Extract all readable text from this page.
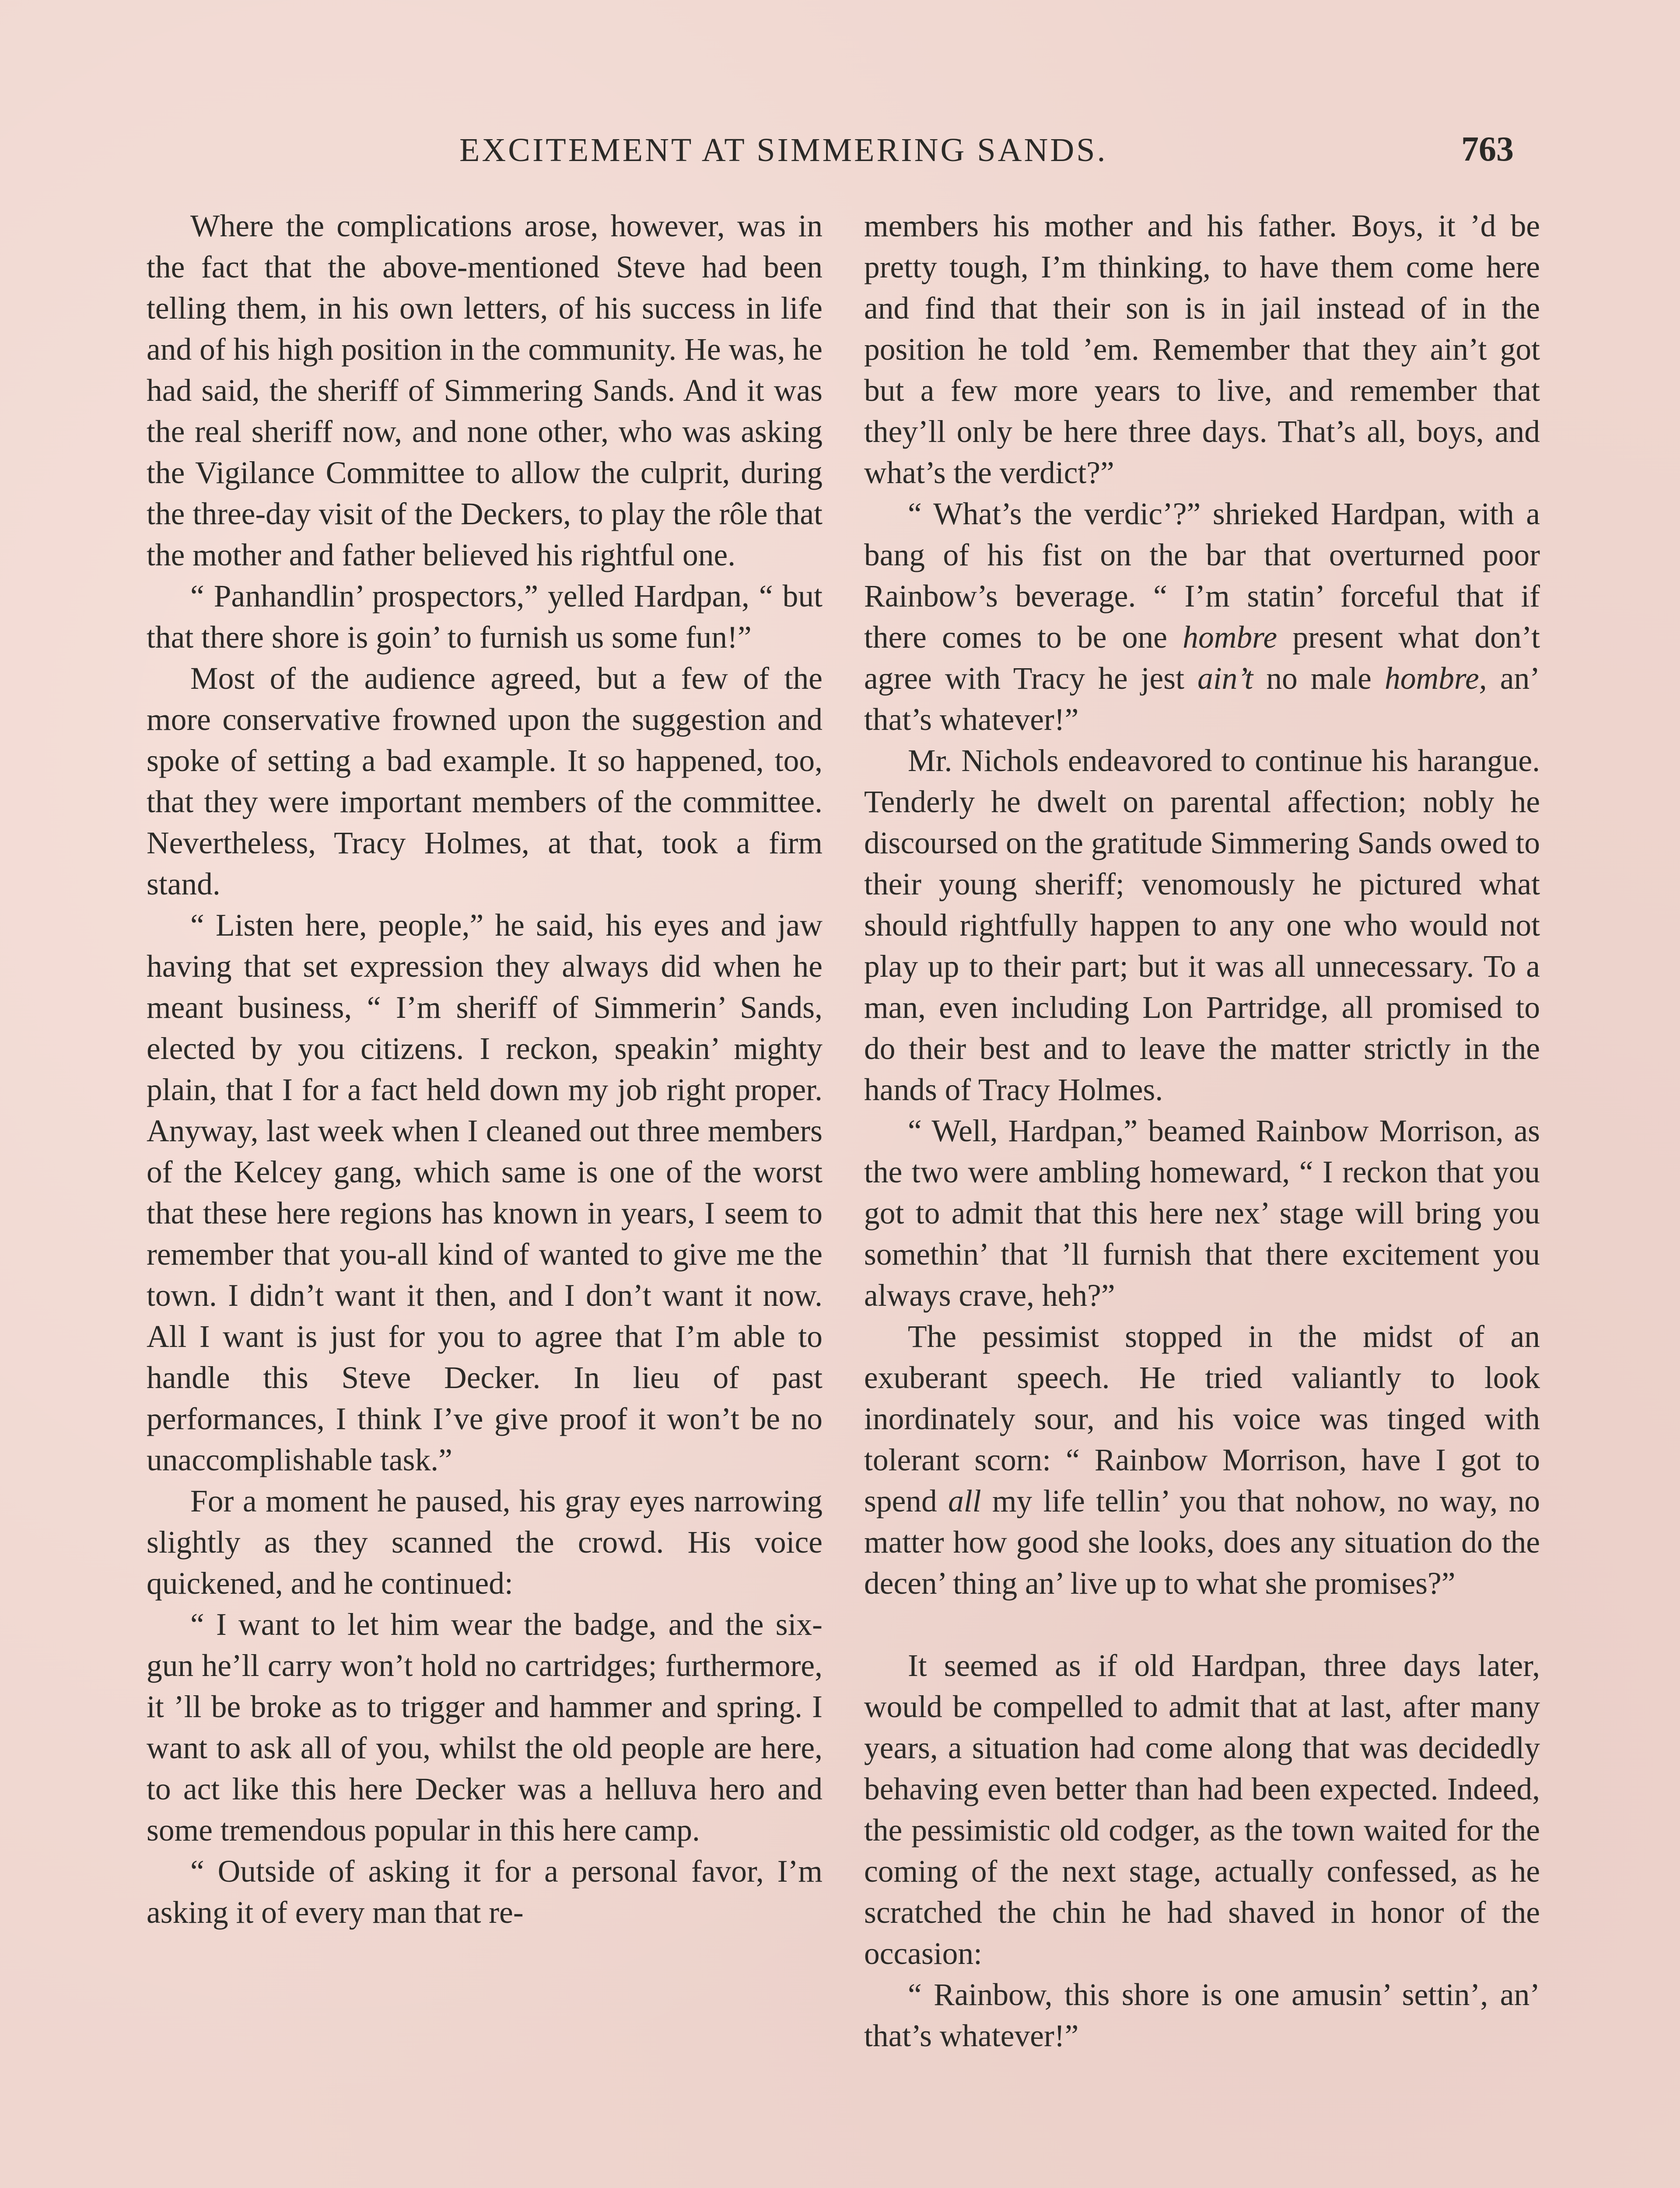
EXCITEMENT AT SIMMERING SANDS.	763

Where the complications arose, however, was in the fact that the above-mentioned Steve had been telling them, in his own letters, of his success in life and of his high position in the community. He was, he had said, the sheriff of Simmering Sands. And it was the real sheriff now, and none other, who was asking the Vigilance Committee to allow the culprit, during the three-day visit of the Deckers, to play the rôle that the mother and father believed his rightful one.

“ Panhandlin’ prospectors,” yelled Hardpan, “ but that there shore is goin’ to furnish us some fun!”

Most of the audience agreed, but a few of the more conservative frowned upon the suggestion and spoke of setting a bad example. It so happened, too, that they were important members of the committee. Nevertheless, Tracy Holmes, at that, took a firm stand.

“ Listen here, people,” he said, his eyes and jaw having that set expression they always did when he meant business, “ I’m sheriff of Simmerin’ Sands, elected by you citizens. I reckon, speakin’ mighty plain, that I for a fact held down my job right proper. Anyway, last week when I cleaned out three members of the Kelcey gang, which same is one of the worst that these here regions has known in years, I seem to remember that you-all kind of wanted to give me the town. I didn’t want it then, and I don’t want it now. All I want is just for you to agree that I’m able to handle this Steve Decker. In lieu of past performances, I think I’ve give proof it won’t be no unaccomplishable task.”

For a moment he paused, his gray eyes narrowing slightly as they scanned the crowd. His voice quickened, and he continued:

“ I want to let him wear the badge, and the six-gun he’ll carry won’t hold no cartridges; furthermore, it ’ll be broke as to trigger and hammer and spring. I want to ask all of you, whilst the old people are here, to act like this here Decker was a helluva hero and some tremendous popular in this here camp.

“ Outside of asking it for a personal favor, I’m asking it of every man that re-

members his mother and his father. Boys, it ’d be pretty tough, I’m thinking, to have them come here and find that their son is in jail instead of in the position he told ’em. Remember that they ain’t got but a few more years to live, and remember that they’ll only be here three days. That’s all, boys, and what’s the verdict?”

“ What’s the verdic’?” shrieked Hardpan, with a bang of his fist on the bar that overturned poor Rainbow’s beverage. “ I’m statin’ forceful that if there comes to be one hombre present what don’t agree with Tracy he jest ain’t no male hombre, an’ that’s whatever!”

Mr. Nichols endeavored to continue his harangue. Tenderly he dwelt on parental affection; nobly he discoursed on the gratitude Simmering Sands owed to their young sheriff; venomously he pictured what should rightfully happen to any one who would not play up to their part; but it was all unnecessary. To a man, even including Lon Partridge, all promised to do their best and to leave the matter strictly in the hands of Tracy Holmes.

“ Well, Hardpan,” beamed Rainbow Morrison, as the two were ambling homeward, “ I reckon that you got to admit that this here nex’ stage will bring you somethin’ that ’ll furnish that there excitement you always crave, heh?”

The pessimist stopped in the midst of an exuberant speech. He tried valiantly to look inordinately sour, and his voice was tinged with tolerant scorn: “ Rainbow Morrison, have I got to spend all my life tellin’ you that nohow, no way, no matter how good she looks, does any situation do the decen’ thing an’ live up to what she promises?”

It seemed as if old Hardpan, three days later, would be compelled to admit that at last, after many years, a situation had come along that was decidedly behaving even better than had been expected. Indeed, the pessimistic old codger, as the town waited for the coming of the next stage, actually confessed, as he scratched the chin he had shaved in honor of the occasion:

“ Rainbow, this shore is one amusin’ settin’, an’ that’s whatever!”
